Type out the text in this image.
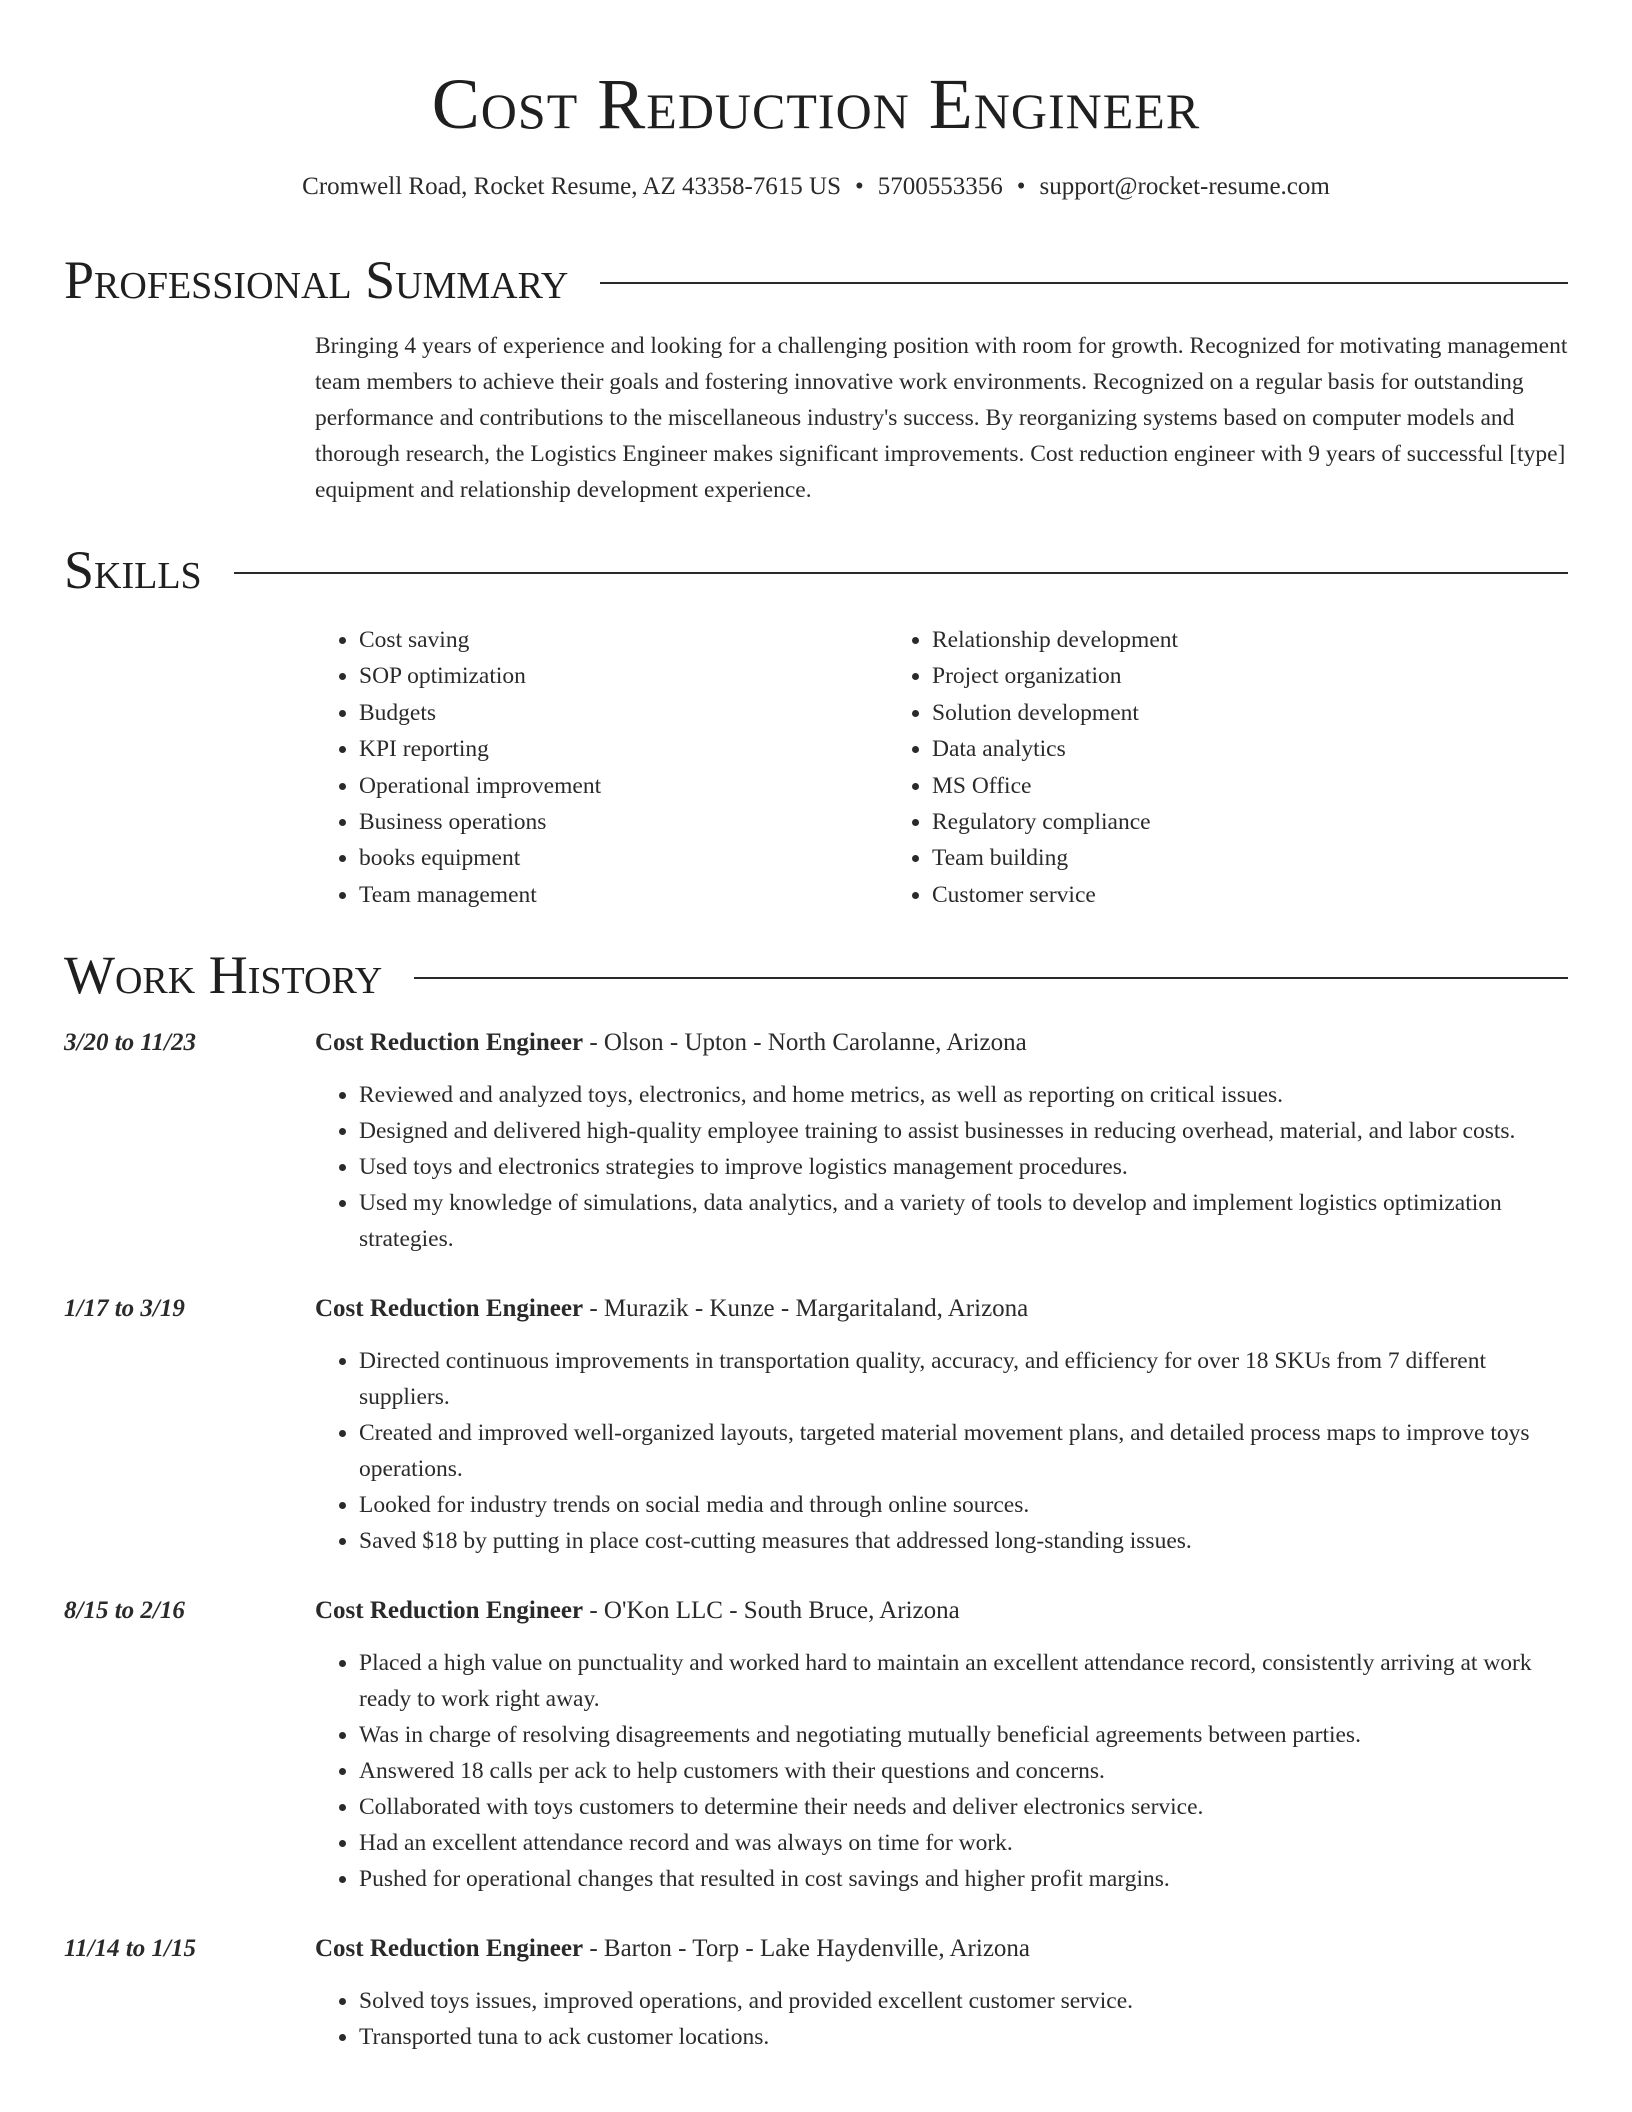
Cost Reduction Engineer
Cromwell Road, Rocket Resume, AZ 43358-7615 US • 5700553356 • support@rocket-resume.com
Professional Summary

Bringing 4 years of experience and looking for a challenging position with room for growth. Recognized for motivating management team members to achieve their goals and fostering innovative work environments. Recognized on a regular basis for outstanding performance and contributions to the miscellaneous industry's success. By reorganizing systems based on computer models and thorough research, the Logistics Engineer makes significant improvements. Cost reduction engineer with 9 years of successful [type] equipment and relationship development experience.

Skills
• Cost saving
• SOP optimization
• Budgets
• KPI reporting
• Operational improvement
• Business operations
• books equipment
• Team management
• Relationship development
• Project organization
• Solution development
• Data analytics
• MS Office
• Regulatory compliance
• Team building
• Customer service
Work History
3/20 to 11/23	Cost Reduction Engineer - Olson - Upton - North Carolanne, Arizona
• Reviewed and analyzed toys, electronics, and home metrics, as well as reporting on critical issues.
• Designed and delivered high-quality employee training to assist businesses in reducing overhead, material, and labor costs.
• Used toys and electronics strategies to improve logistics management procedures.
• Used my knowledge of simulations, data analytics, and a variety of tools to develop and implement logistics optimization strategies.
1/17 to 3/19	Cost Reduction Engineer - Murazik - Kunze - Margaritaland, Arizona
• Directed continuous improvements in transportation quality, accuracy, and efficiency for over 18 SKUs from 7 different suppliers.
• Created and improved well-organized layouts, targeted material movement plans, and detailed process maps to improve toys operations.
• Looked for industry trends on social media and through online sources.
• Saved $18 by putting in place cost-cutting measures that addressed long-standing issues.
8/15 to 2/16	Cost Reduction Engineer - O'Kon LLC - South Bruce, Arizona
• Placed a high value on punctuality and worked hard to maintain an excellent attendance record, consistently arriving at work ready to work right away.
• Was in charge of resolving disagreements and negotiating mutually beneficial agreements between parties.
• Answered 18 calls per ack to help customers with their questions and concerns.
• Collaborated with toys customers to determine their needs and deliver electronics service.
• Had an excellent attendance record and was always on time for work.
• Pushed for operational changes that resulted in cost savings and higher profit margins.
11/14 to 1/15	Cost Reduction Engineer - Barton - Torp - Lake Haydenville, Arizona
• Solved toys issues, improved operations, and provided excellent customer service.
• Transported tuna to ack customer locations.
